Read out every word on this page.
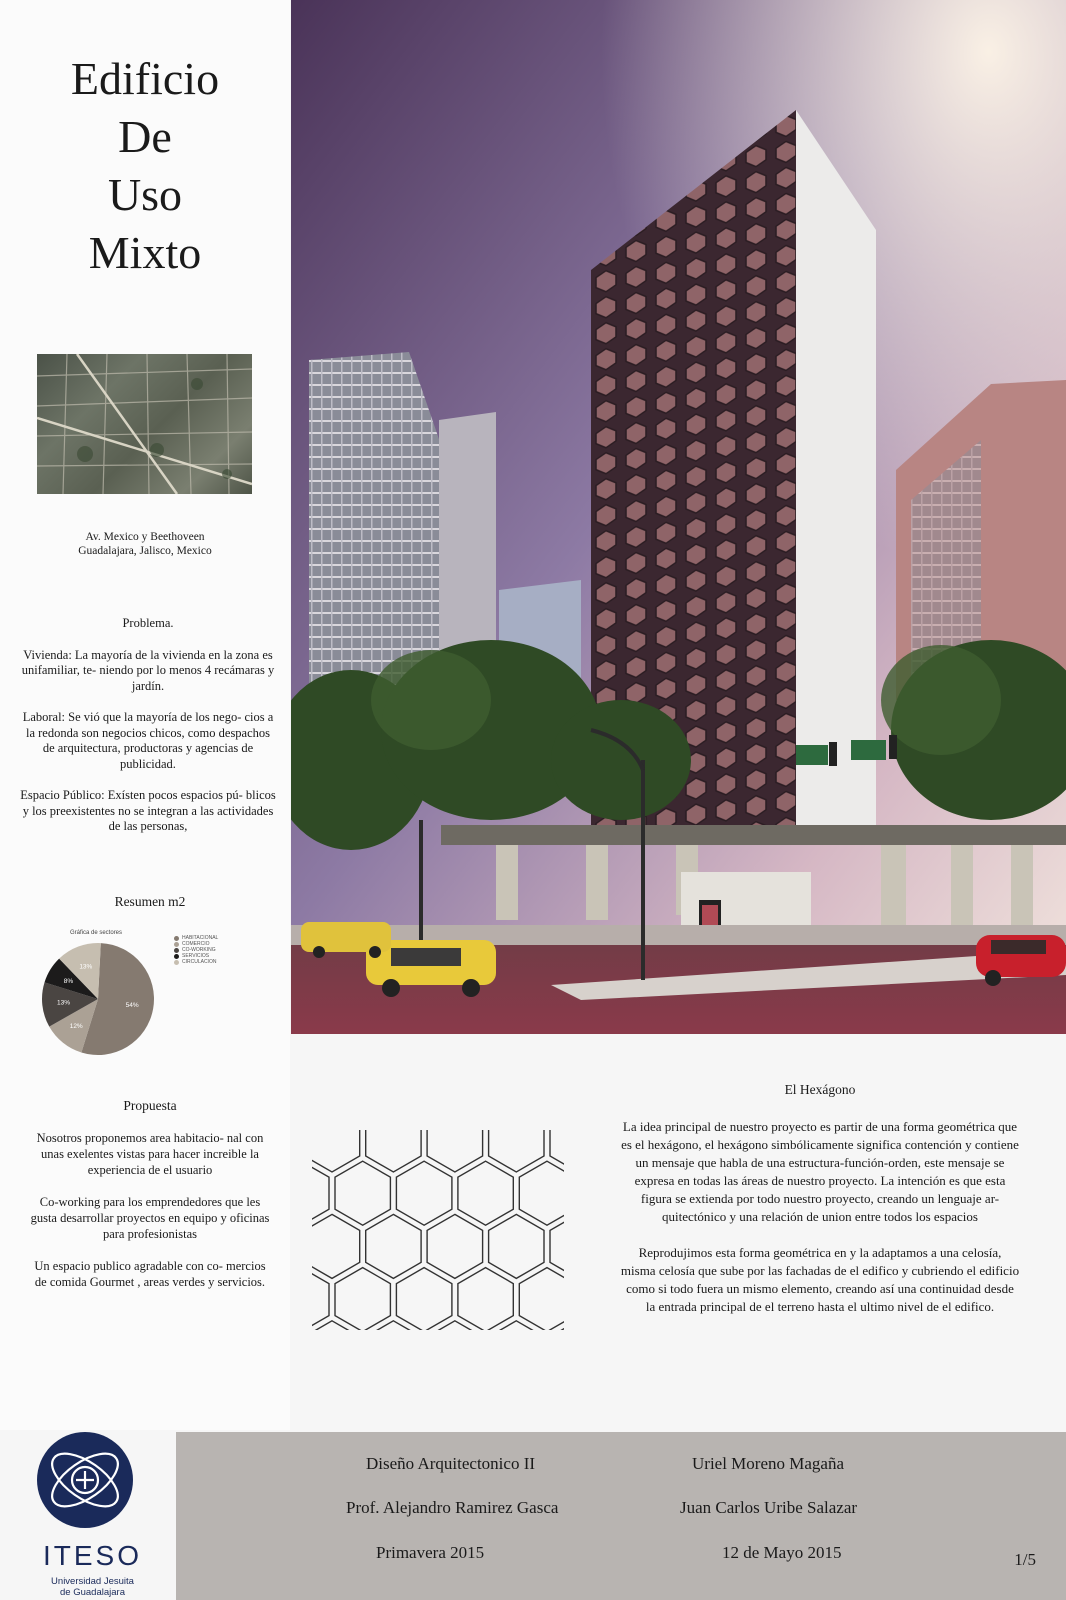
Edificio
De
Uso
Mixto
Av. Mexico y Beethoveen
Guadalajara, Jalisco, Mexico

Problema.

Vivienda: La mayoría de la vivienda en la zona es unifamiliar, te- niendo por lo menos 4 recámaras y jardín.

Laboral: Se vió que la mayoría de los nego- cios a la redonda son negocios chicos, como despachos de arquitectura, productoras y agencias de publicidad.

Espacio Público: Exísten pocos espacios pú- blicos y los preexistentes no se integran a las actividades de las personas,

Resumen m2
Gráfica de sectores
54%
12%
13%
8%
13%
HABITACIONAL
COMERCIO
CO-WORKING
SERVICIOS
CIRCULACION
Propuesta

Nosotros proponemos area habitacio- nal con unas exelentes vistas para hacer increible la experiencia de el usuario

Co-working para los emprendedores que les gusta desarrollar proyectos en equipo y oficinas para profesionistas

Un espacio publico agradable con co- mercios de comida Gourmet , areas verdes y servicios.

El Hexágono

La idea principal de nuestro proyecto es partir de una forma geométrica que es el hexágono, el hexágono simbólicamente significa contención y contiene un mensaje que habla de una estructura-función-orden, este mensaje se expresa en todas las áreas de nuestro proyecto. La intención es que esta figura se extienda por todo nuestro proyecto, creando un lenguaje ar- quitectónico y una relación de union entre todos los espacios

Reprodujimos esta forma geométrica en y la adaptamos a una celosía, misma celosía que sube por las fachadas de el edifico y cubriendo el edificio como si todo fuera un mismo elemento, creando así una continuidad desde la entrada principal de el terreno hasta el ultimo nivel de el edifico.

ITESO
Universidad Jesuita
de Guadalajara
Diseño Arquitectonico II
Prof. Alejandro Ramirez Gasca
Primavera 2015
Uriel Moreno Magaña
Juan Carlos Uribe Salazar
12 de Mayo 2015	1/5
